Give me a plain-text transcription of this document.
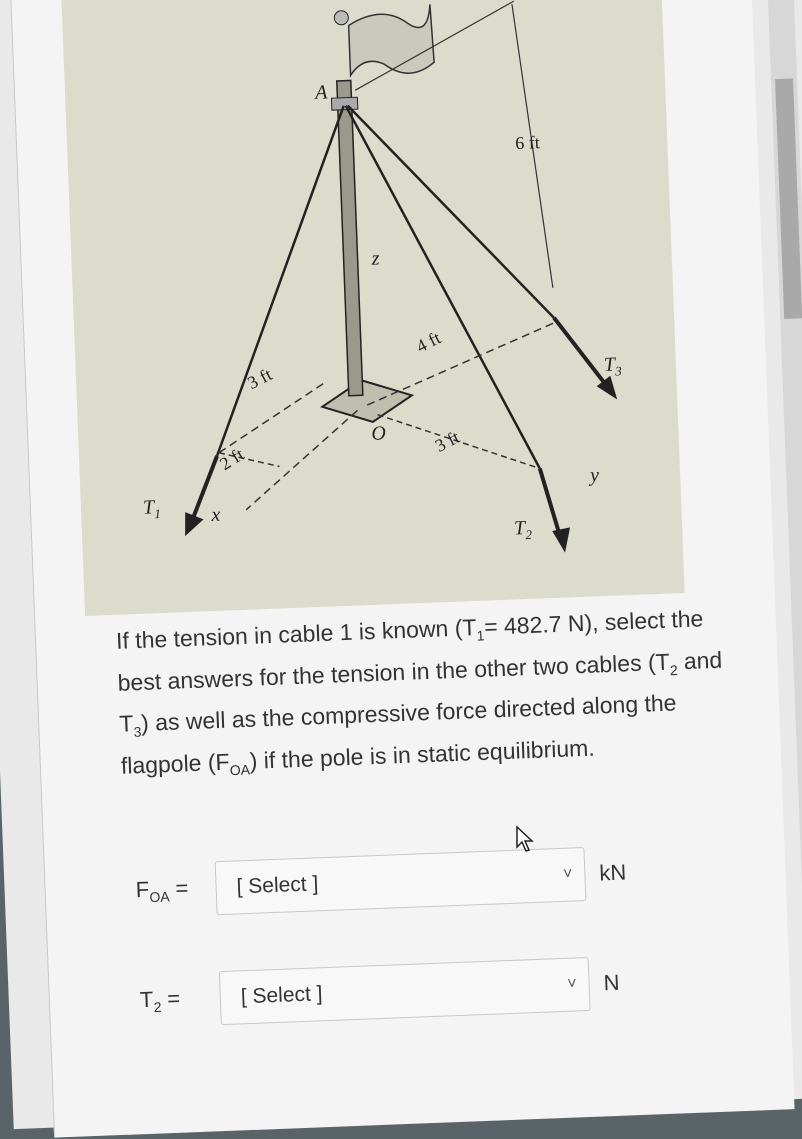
A
z
O
x
y
$T_1$
$T_2$
$T_3$
6 ft
4 ft
3 ft
2 ft
3 ft
If the tension in cable 1 is known ($T_1= 482.7$ N), select the best answers for the tension in the other two cables ($T_2$ and $T_3$) as well as the compressive force directed along the flagpole $(F_{OA})$ if the pole is in static equilibrium.
$F_{OA}$ =	[ Select ]	˅ kN
$T_2$ =	[ Select ]	˅ N
